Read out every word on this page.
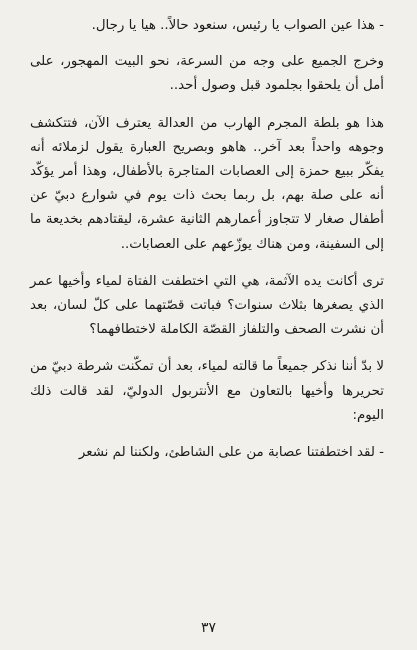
- هذا عين الصواب يا رئيس، سنعود حالاً.. هيا يا رجال.

وخرج الجميع على وجه من السرعة، نحو البيت المهجور، على أمل أن يلحقوا بجلمود قبل وصول أحد..

هذا هو بلطة المجرم الهارب من العدالة يعترف الآن، فتتكشف وجوهه واحداً بعد آخر.. هاهو وبصريح العبارة يقول لزملائه أنه يفكّر ببيع حمزة إلى العصابات المتاجرة بالأطفال، وهذا أمر يؤكّد أنه على صلة بهم، بل ربما بحث ذات يوم في شوارع دبيّ عن أطفال صغار لا تتجاوز أعمارهم الثانية عشرة، ليقتادهم بخديعة ما إلى السفينة، ومن هناك يوزّعهم على العصابات..

ترى أكانت يده الآثمة، هي التي اختطفت الفتاة لمياء وأخيها عمر الذي يصغرها بثلاث سنوات؟ فباتت قصّتهما على كلّ لسان، بعد أن نشرت الصحف والتلفاز القصّة الكاملة لاختطافهما؟

لا بدّ أننا نذكر جميعاً ما قالته لمياء، بعد أن تمكّنت شرطة دبيّ من تحريرها وأخيها بالتعاون مع الأنتربول الدوليّ، لقد قالت ذلك اليوم:

- لقد اختطفتنا عصابة من على الشاطئ، ولكننا لم نشعر

٣٧
